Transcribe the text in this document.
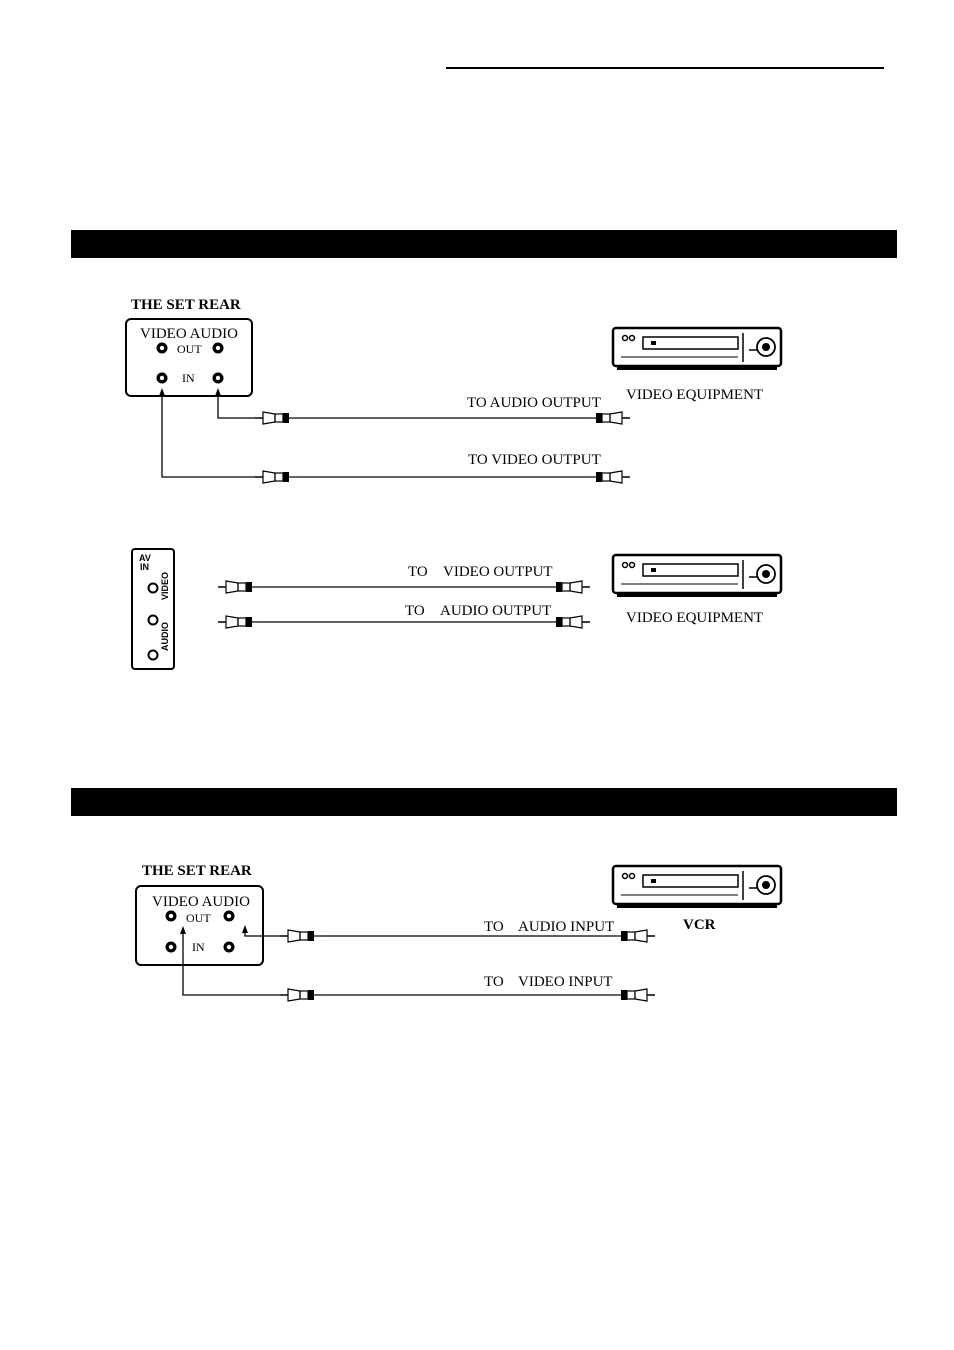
THE SET REAR
VIDEO AUDIO
OUT
IN
TO AUDIO OUTPUT
TO VIDEO OUTPUT
VIDEO EQUIPMENT
AV
IN
VIDEO
AUDIO
TO VIDEO OUTPUT
TO AUDIO OUTPUT	VIDEO EQUIPMENT
THE SET REAR
VIDEO AUDIO
OUT
IN
TO AUDIO INPUT
TO VIDEO INPUT
VCR
